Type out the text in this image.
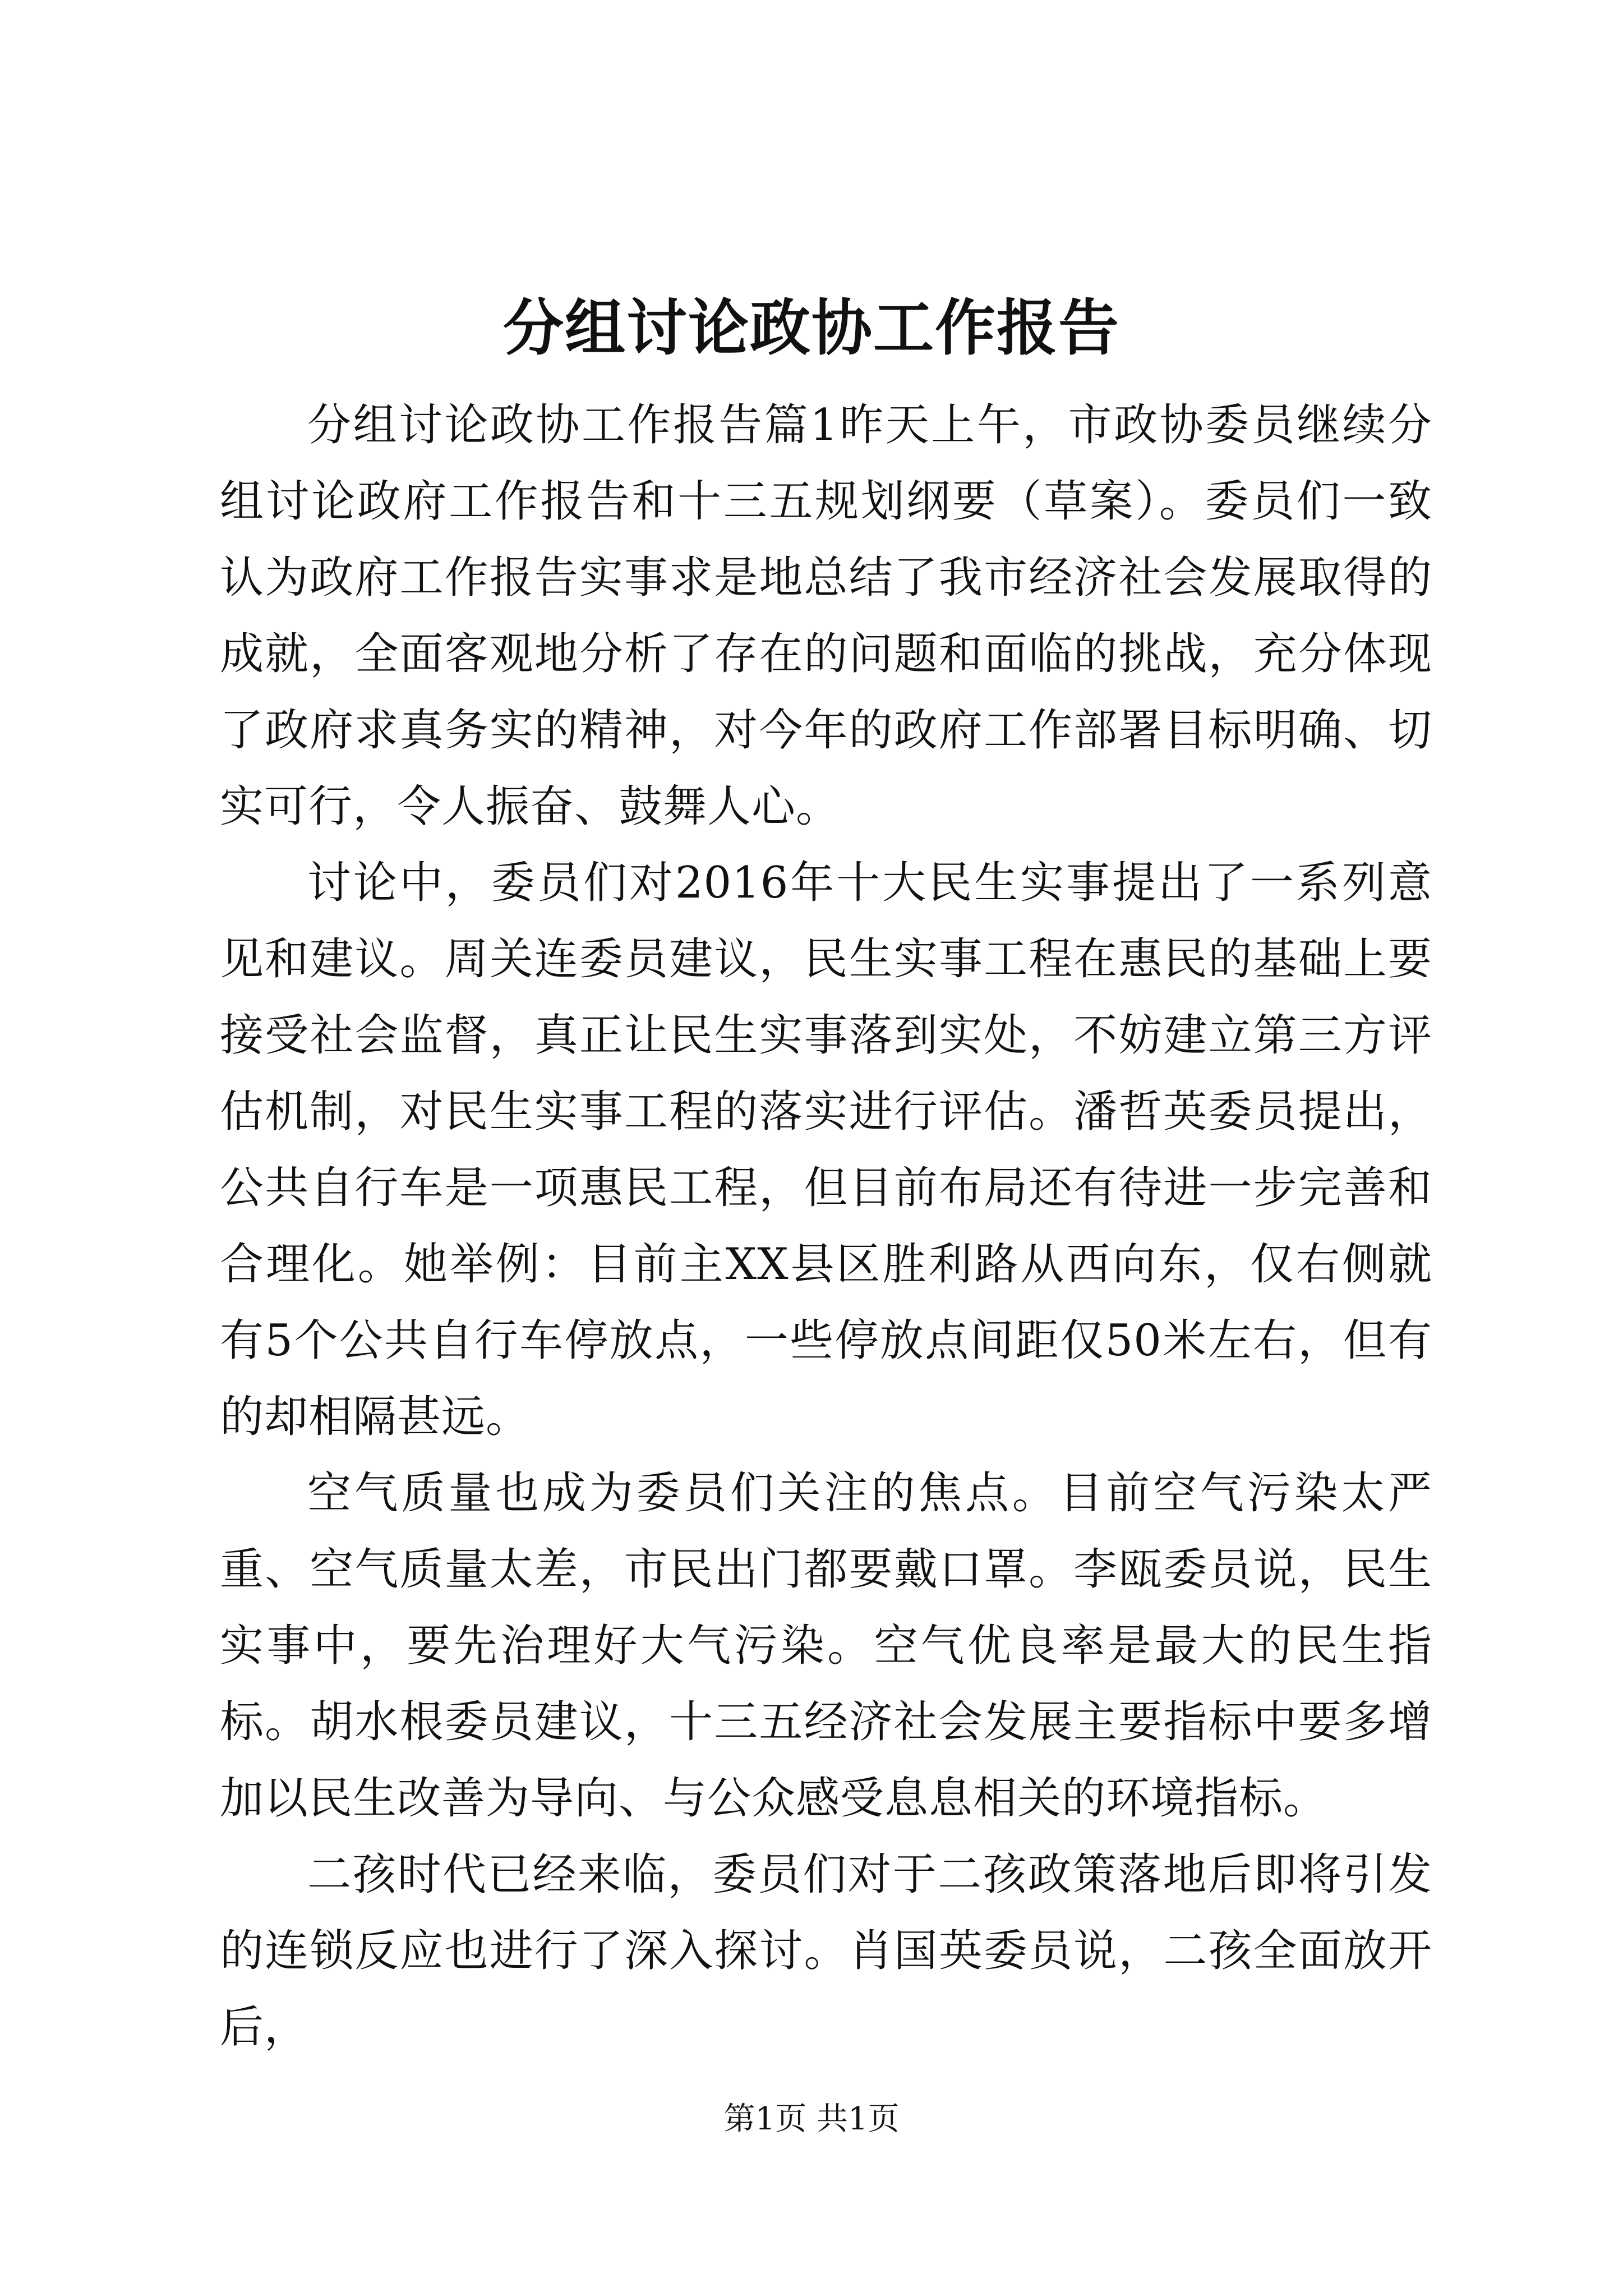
分组讨论政协工作报告

分组讨论政协工作报告篇1昨天上午，市政协委员继续分组讨论政府工作报告和十三五规划纲要（草案）。委员们一致认为政府工作报告实事求是地总结了我市经济社会发展取得的成就，全面客观地分析了存在的问题和面临的挑战，充分体现了政府求真务实的精神，对今年的政府工作部署目标明确、切实可行，令人振奋、鼓舞人心。

讨论中，委员们对2016年十大民生实事提出了一系列意见和建议。周关连委员建议，民生实事工程在惠民的基础上要接受社会监督，真正让民生实事落到实处，不妨建立第三方评估机制，对民生实事工程的落实进行评估。潘哲英委员提出，公共自行车是一项惠民工程，但目前布局还有待进一步完善和合理化。她举例：目前主XX县区胜利路从西向东，仅右侧就有5个公共自行车停放点，一些停放点间距仅50米左右，但有的却相隔甚远。

空气质量也成为委员们关注的焦点。目前空气污染太严重、空气质量太差，市民出门都要戴口罩。李瓯委员说，民生实事中，要先治理好大气污染。空气优良率是最大的民生指标。胡水根委员建议，十三五经济社会发展主要指标中要多增加以民生改善为导向、与公众感受息息相关的环境指标。

二孩时代已经来临，委员们对于二孩政策落地后即将引发的连锁反应也进行了深入探讨。肖国英委员说，二孩全面放开后，

第1页 共1页
